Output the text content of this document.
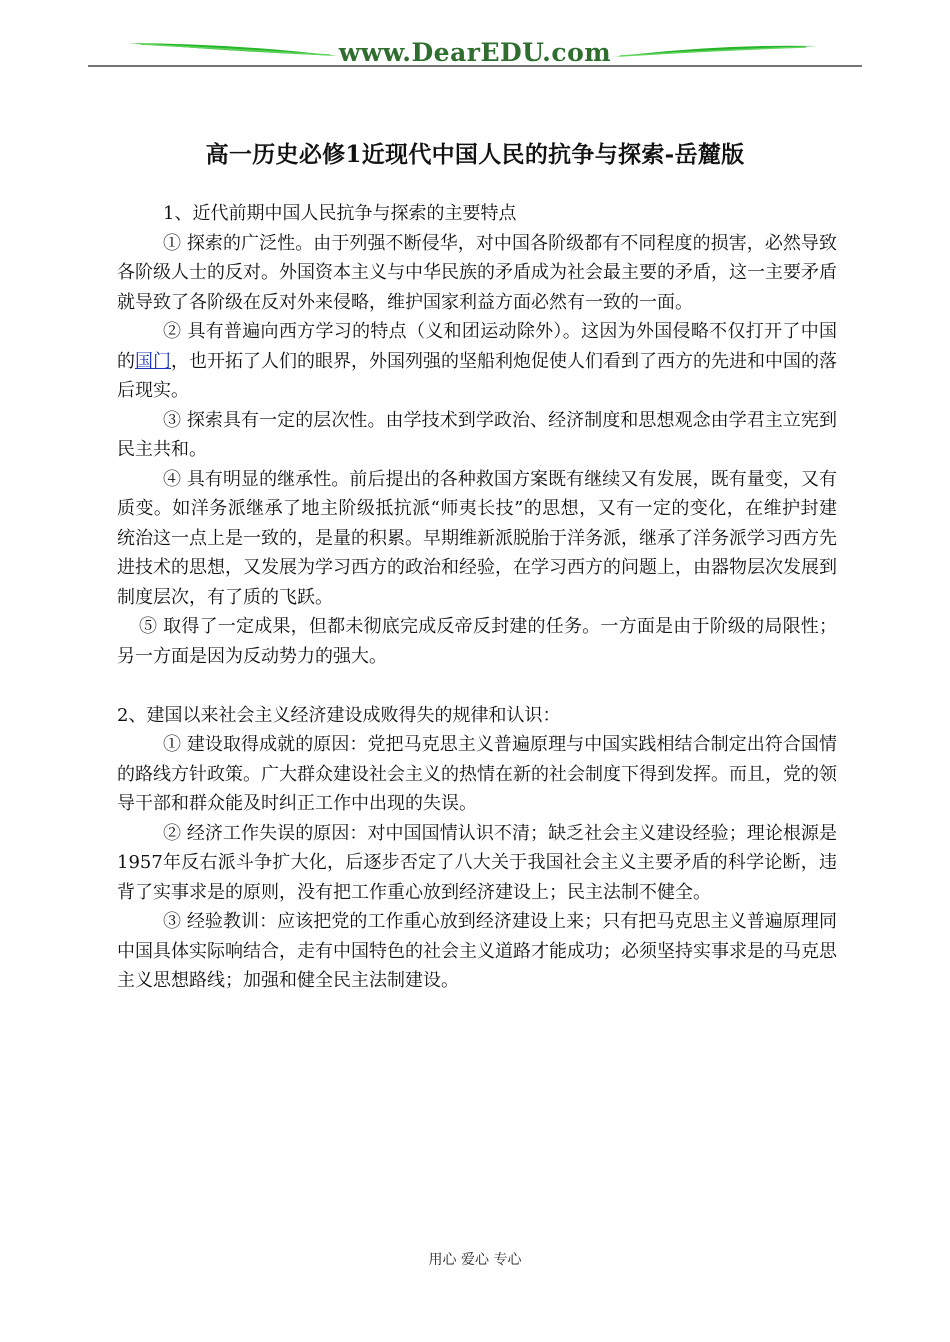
www.DearEDU.com
高一历史必修1近现代中国人民的抗争与探索-岳麓版

1、近代前期中国人民抗争与探索的主要特点

① 探索的广泛性。由于列强不断侵华，对中国各阶级都有不同程度的损害，必然导致各阶级人士的反对。外国资本主义与中华民族的矛盾成为社会最主要的矛盾，这一主要矛盾就导致了各阶级在反对外来侵略，维护国家利益方面必然有一致的一面。

② 具有普遍向西方学习的特点（义和团运动除外）。这因为外国侵略不仅打开了中国的国门，也开拓了人们的眼界，外国列强的坚船利炮促使人们看到了西方的先进和中国的落后现实。

③ 探索具有一定的层次性。由学技术到学政治、经济制度和思想观念由学君主立宪到民主共和。

④ 具有明显的继承性。前后提出的各种救国方案既有继续又有发展，既有量变，又有质变。如洋务派继承了地主阶级抵抗派“师夷长技”的思想，又有一定的变化，在维护封建统治这一点上是一致的，是量的积累。早期维新派脱胎于洋务派，继承了洋务派学习西方先进技术的思想，又发展为学习西方的政治和经验，在学习西方的问题上，由器物层次发展到制度层次，有了质的飞跃。

⑤ 取得了一定成果，但都未彻底完成反帝反封建的任务。一方面是由于阶级的局限性；另一方面是因为反动势力的强大。

2、建国以来社会主义经济建设成败得失的规律和认识：

① 建设取得成就的原因：党把马克思主义普遍原理与中国实践相结合制定出符合国情的路线方针政策。广大群众建设社会主义的热情在新的社会制度下得到发挥。而且，党的领导干部和群众能及时纠正工作中出现的失误。

② 经济工作失误的原因：对中国国情认识不清；缺乏社会主义建设经验；理论根源是1957年反右派斗争扩大化，后逐步否定了八大关于我国社会主义主要矛盾的科学论断，违背了实事求是的原则，没有把工作重心放到经济建设上；民主法制不健全。

③ 经验教训：应该把党的工作重心放到经济建设上来；只有把马克思主义普遍原理同中国具体实际响结合，走有中国特色的社会主义道路才能成功；必须坚持实事求是的马克思主义思想路线；加强和健全民主法制建设。

用心 爱心 专心
